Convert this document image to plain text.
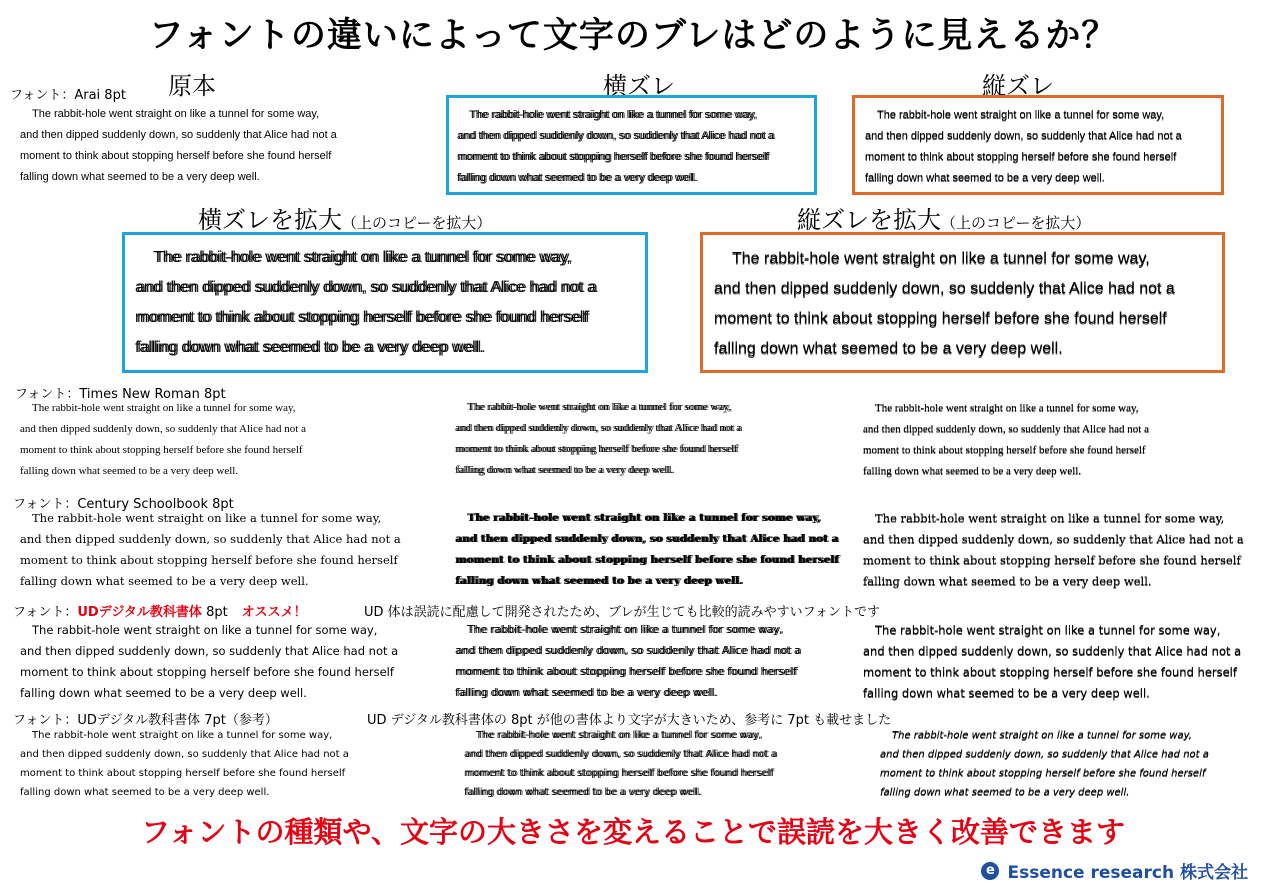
フォントの違いによって文字のブレはどのように見えるか？
原本	横ズレ	縦ズレ
フォント：Arai 8pt

The rabbit-hole went straight on like a tunnel for some way,
and then dipped suddenly down, so suddenly that Alice had not a
moment to think about stopping herself before she found herself
falling down what seemed to be a very deep well.

The rabbit-hole went straight on like a tunnel for some way,
and then dipped suddenly down, so suddenly that Alice had not a
moment to think about stopping herself before she found herself
falling down what seemed to be a very deep well.

The rabbit-hole went straight on like a tunnel for some way,
and then dipped suddenly down, so suddenly that Alice had not a
moment to think about stopping herself before she found herself
falling down what seemed to be a very deep well.

横ズレを拡大（上のコピーを拡大）	縦ズレを拡大（上のコピーを拡大）

The rabbit-hole went straight on like a tunnel for some way,
and then dipped suddenly down, so suddenly that Alice had not a
moment to think about stopping herself before she found herself
falling down what seemed to be a very deep well.

The rabbit-hole went straight on like a tunnel for some way,
and then dipped suddenly down, so suddenly that Alice had not a
moment to think about stopping herself before she found herself
falling down what seemed to be a very deep well.

フォント：Times New Roman 8pt

The rabbit-hole went straight on like a tunnel for some way,
and then dipped suddenly down, so suddenly that Alice had not a
moment to think about stopping herself before she found herself
falling down what seemed to be a very deep well.

The rabbit-hole went straight on like a tunnel for some way,
and then dipped suddenly down, so suddenly that Alice had not a
moment to think about stopping herself before she found herself
falling down what seemed to be a very deep well.

The rabbit-hole went straight on like a tunnel for some way,
and then dipped suddenly down, so suddenly that Alice had not a
moment to think about stopping herself before she found herself
falling down what seemed to be a very deep well.

フォント：Century Schoolbook 8pt

The rabbit-hole went straight on like a tunnel for some way,
and then dipped suddenly down, so suddenly that Alice had not a
moment to think about stopping herself before she found herself
falling down what seemed to be a very deep well.

The rabbit-hole went straight on like a tunnel for some way,
and then dipped suddenly down, so suddenly that Alice had not a
moment to think about stopping herself before she found herself
falling down what seemed to be a very deep well.

The rabbit-hole went straight on like a tunnel for some way,
and then dipped suddenly down, so suddenly that Alice had not a
moment to think about stopping herself before she found herself
falling down what seemed to be a very deep well.

フォント：UDデジタル教科書体 8pt オススメ！	UD 体は誤読に配慮して開発されたため、ブレが生じても比較的読みやすいフォントです

The rabbit-hole went straight on like a tunnel for some way,
and then dipped suddenly down, so suddenly that Alice had not a
moment to think about stopping herself before she found herself
falling down what seemed to be a very deep well.

The rabbit-hole went straight on like a tunnel for some way,
and then dipped suddenly down, so suddenly that Alice had not a
moment to think about stopping herself before she found herself
falling down what seemed to be a very deep well.

The rabbit-hole went straight on like a tunnel for some way,
and then dipped suddenly down, so suddenly that Alice had not a
moment to think about stopping herself before she found herself
falling down what seemed to be a very deep well.

フォント：UDデジタル教科書体 7pt（参考）	UD デジタル教科書体の 8pt が他の書体より文字が大きいため、参考に 7pt も載せました

The rabbit-hole went straight on like a tunnel for some way,
and then dipped suddenly down, so suddenly that Alice had not a
moment to think about stopping herself before she found herself
falling down what seemed to be a very deep well.

The rabbit-hole went straight on like a tunnel for some way,
and then dipped suddenly down, so suddenly that Alice had not a
moment to think about stopping herself before she found herself
falling down what seemed to be a very deep well.

The rabbit-hole went straight on like a tunnel for some way,
and then dipped suddenly down, so suddenly that Alice had not a
moment to think about stopping herself before she found herself
falling down what seemed to be a very deep well.

フォントの種類や、文字の大きさを変えることで誤読を大きく改善できます
e Essence research 株式会社
